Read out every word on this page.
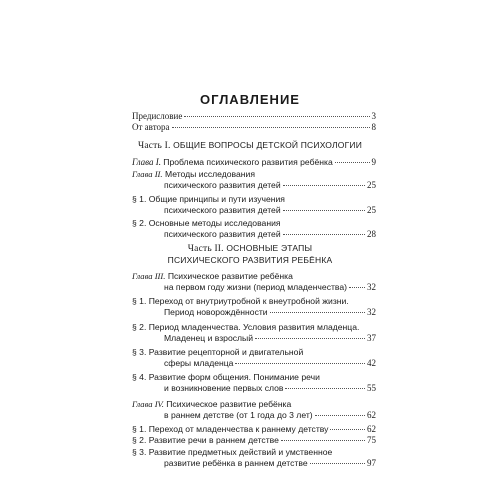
ОГЛАВЛЕНИЕ
Предисловие	3
От автора	8
Часть I. ОБЩИЕ ВОПРОСЫ ДЕТСКОЙ ПСИХОЛОГИИ
Глава I. Проблема психического развития ребёнка	9
Глава II. Методы исследования
психического развития детей	25
§ 1. Общие принципы и пути изучения
психического развития детей	25
§ 2. Основные методы исследования
психического развития детей	28
Часть II. ОСНОВНЫЕ ЭТАПЫ
ПСИХИЧЕСКОГО РАЗВИТИЯ РЕБЁНКА
Глава III. Психическое развитие ребёнка
на первом году жизни (период младенчества) 32
§ 1. Переход от внутриутробной к внеутробной жизни.
Период новорождённости	32
§ 2. Период младенчества. Условия развития младенца.
Младенец и взрослый	37
§ 3. Развитие рецепторной и двигательной
сферы младенца	42
§ 4. Развитие форм общения. Понимание речи
и возникновение первых слов	55
Глава IV. Психическое развитие ребёнка
в раннем детстве (от 1 года до 3 лет)	62
§ 1. Переход от младенчества к раннему детству	62
§ 2. Развитие речи в раннем детстве	75
§ 3. Развитие предметных действий и умственное
развитие ребёнка в раннем детстве	97
